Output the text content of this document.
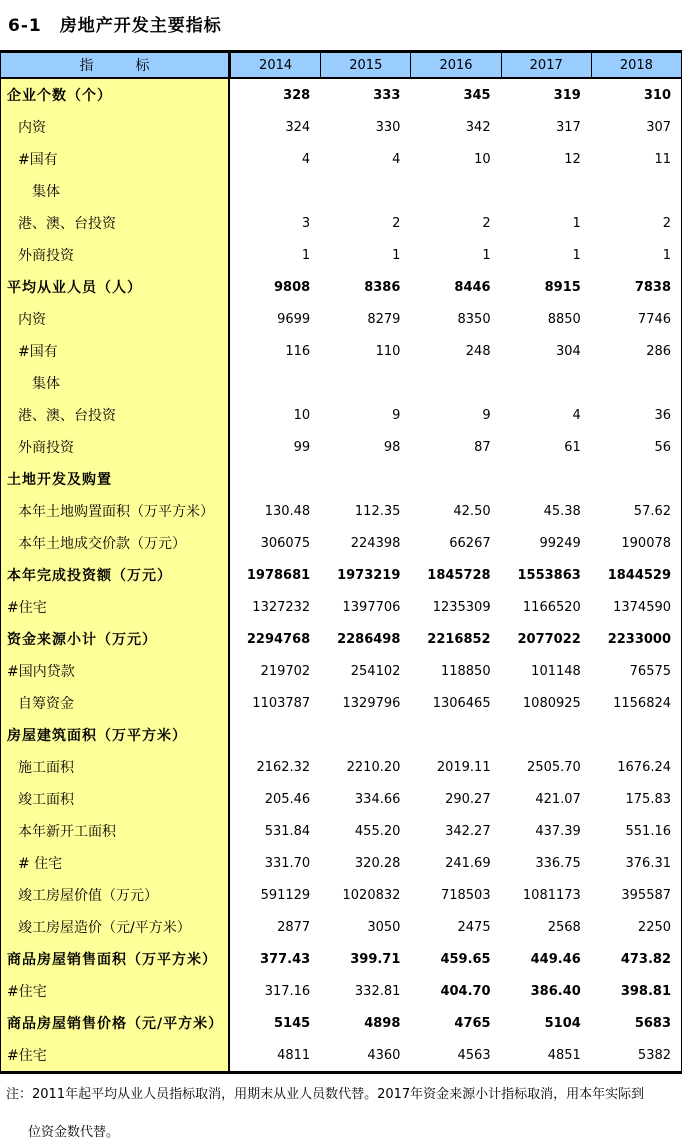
6-1　房地产开发主要指标
指　　　标	2014	2015	2016	2017	2018
企业个数（个）	328	333	345	319	310
内资	324	330	342	317	307
#国有	4	4	10	12	11
集体
港、澳、台投资	3	2	2	1	2
外商投资	1	1	1	1	1
平均从业人员（人）	9808	8386	8446	8915	7838
内资	9699	8279	8350	8850	7746
#国有	116	110	248	304	286
集体
港、澳、台投资	10	9	9	4	36
外商投资	99	98	87	61	56
土地开发及购置
本年土地购置面积（万平方米）	130.48	112.35	42.50	45.38	57.62
本年土地成交价款（万元）	306075	224398	66267	99249	190078
本年完成投资额（万元）	1978681	1973219	1845728	1553863	1844529
#住宅	1327232	1397706	1235309	1166520	1374590
资金来源小计（万元）	2294768	2286498	2216852	2077022	2233000
#国内贷款	219702	254102	118850	101148	76575
自筹资金	1103787	1329796	1306465	1080925	1156824
房屋建筑面积（万平方米）
施工面积	2162.32	2210.20	2019.11	2505.70	1676.24
竣工面积	205.46	334.66	290.27	421.07	175.83
本年新开工面积	531.84	455.20	342.27	437.39	551.16
# 住宅	331.70	320.28	241.69	336.75	376.31
竣工房屋价值（万元）	591129	1020832	718503	1081173	395587
竣工房屋造价（元/平方米）	2877	3050	2475	2568	2250
商品房屋销售面积（万平方米）	377.43	399.71	459.65	449.46	473.82
#住宅	317.16	332.81	404.70	386.40	398.81
商品房屋销售价格（元/平方米）	5145	4898	4765	5104	5683
#住宅	4811	4360	4563	4851	5382
注：2011年起平均从业人员指标取消，用期末从业人员数代替。2017年资金来源小计指标取消，用本年实际到
位资金数代替。
